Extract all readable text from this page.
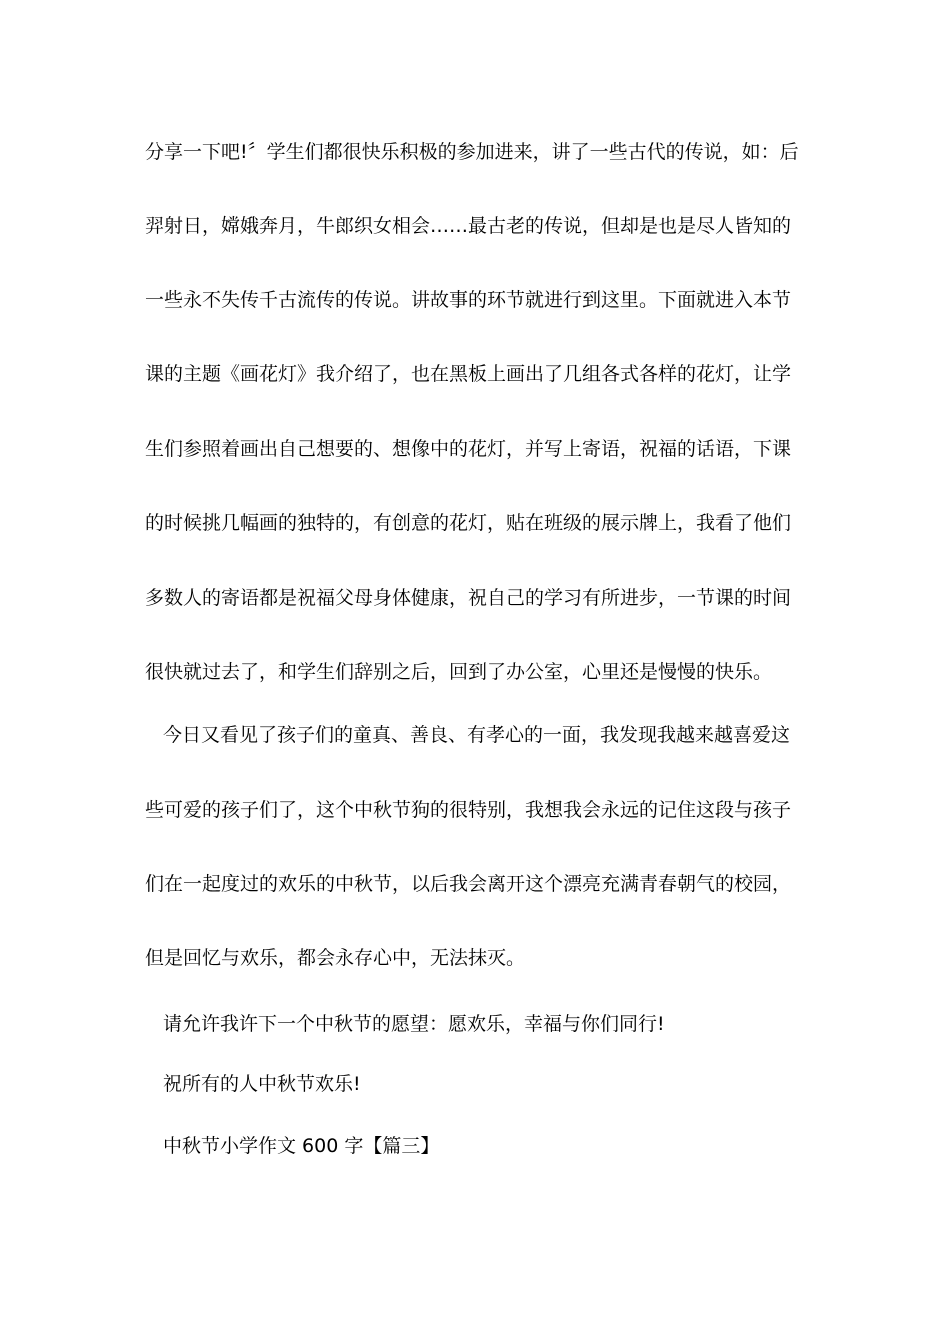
分享一下吧!〞学生们都很快乐积极的参加进来，讲了一些古代的传说，如：后
羿射日，嫦娥奔月，牛郎织女相会……最古老的传说，但却是也是尽人皆知的
一些永不失传千古流传的传说。讲故事的环节就进行到这里。下面就进入本节
课的主题《画花灯》我介绍了，也在黑板上画出了几组各式各样的花灯，让学
生们参照着画出自己想要的、想像中的花灯，并写上寄语，祝福的话语，下课
的时候挑几幅画的独特的，有创意的花灯，贴在班级的展示牌上，我看了他们
多数人的寄语都是祝福父母身体健康，祝自己的学习有所进步，一节课的时间
很快就过去了，和学生们辞别之后，回到了办公室，心里还是慢慢的快乐。
今日又看见了孩子们的童真、善良、有孝心的一面，我发现我越来越喜爱这
些可爱的孩子们了，这个中秋节狗的很特别，我想我会永远的记住这段与孩子
们在一起度过的欢乐的中秋节，以后我会离开这个漂亮充满青春朝气的校园，
但是回忆与欢乐，都会永存心中，无法抹灭。
请允许我许下一个中秋节的愿望：愿欢乐，幸福与你们同行!
祝所有的人中秋节欢乐!
中秋节小学作文 600 字【篇三】
